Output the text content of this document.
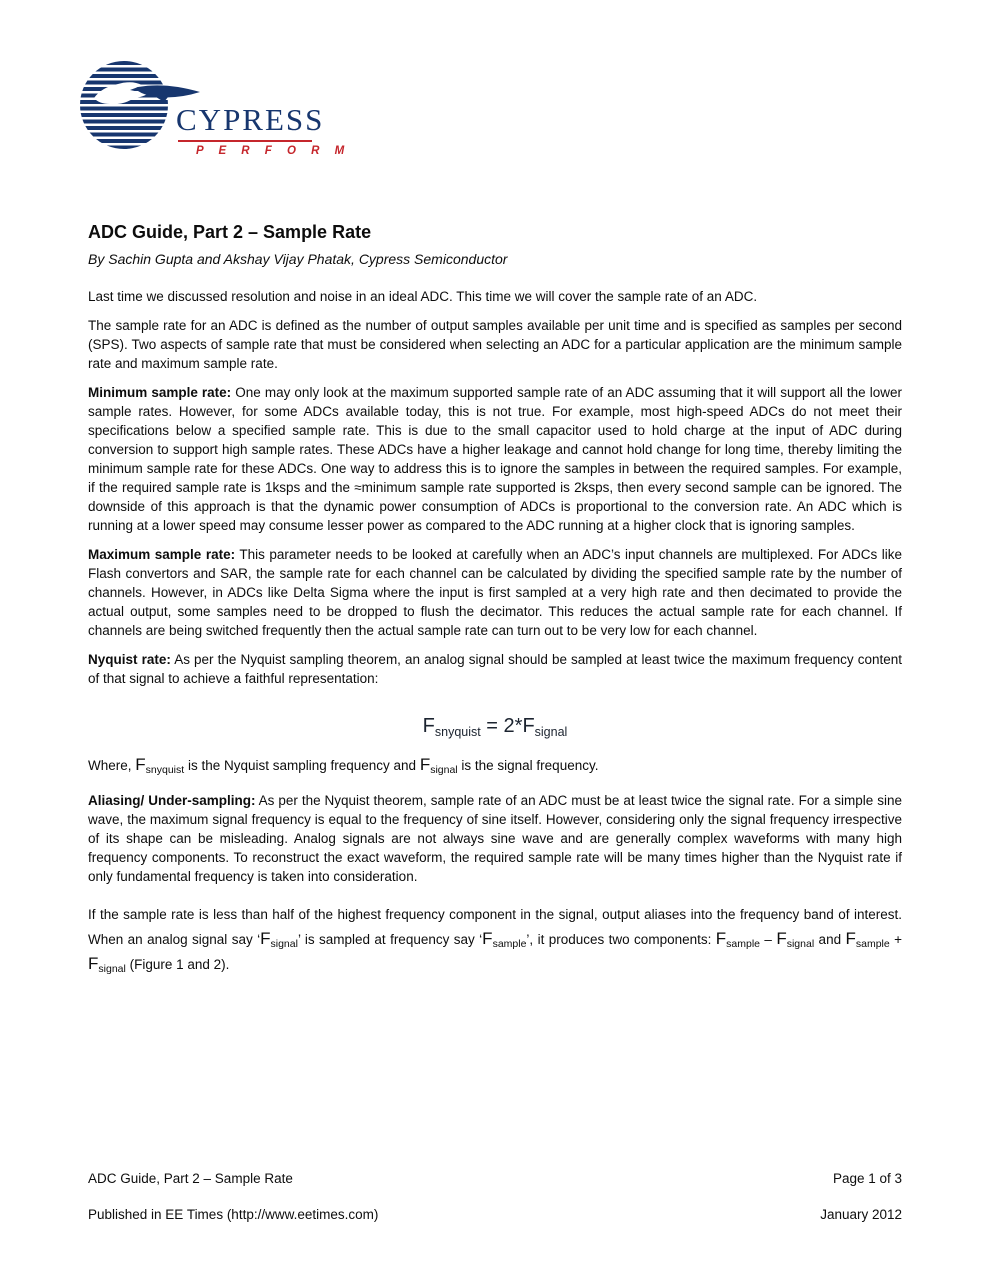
CYPRESS
P E R F O R M
ADC Guide, Part 2 – Sample Rate

By Sachin Gupta and Akshay Vijay Phatak, Cypress Semiconductor

Last time we discussed resolution and noise in an ideal ADC. This time we will cover the sample rate of an ADC.

The sample rate for an ADC is defined as the number of output samples available per unit time and is specified as samples per second (SPS). Two aspects of sample rate that must be considered when selecting an ADC for a particular application are the minimum sample rate and maximum sample rate.

Minimum sample rate: One may only look at the maximum supported sample rate of an ADC assuming that it will support all the lower sample rates. However, for some ADCs available today, this is not true. For example, most high-speed ADCs do not meet their specifications below a specified sample rate. This is due to the small capacitor used to hold charge at the input of ADC during conversion to support high sample rates. These ADCs have a higher leakage and cannot hold change for long time, thereby limiting the minimum sample rate for these ADCs. One way to address this is to ignore the samples in between the required samples. For example, if the required sample rate is 1ksps and the ≈minimum sample rate supported is 2ksps, then every second sample can be ignored. The downside of this approach is that the dynamic power consumption of ADCs is proportional to the conversion rate. An ADC which is running at a lower speed may consume lesser power as compared to the ADC running at a higher clock that is ignoring samples.

Maximum sample rate: This parameter needs to be looked at carefully when an ADC’s input channels are multiplexed. For ADCs like Flash convertors and SAR, the sample rate for each channel can be calculated by dividing the specified sample rate by the number of channels. However, in ADCs like Delta Sigma where the input is first sampled at a very high rate and then decimated to provide the actual output, some samples need to be dropped to flush the decimator. This reduces the actual sample rate for each channel. If channels are being switched frequently then the actual sample rate can turn out to be very low for each channel.

Nyquist rate: As per the Nyquist sampling theorem, an analog signal should be sampled at least twice the maximum frequency content of that signal to achieve a faithful representation:

$F_{snyquist} = 2*F_{signal}$

Where, $F_{snyquist}$ is the Nyquist sampling frequency and $F_{signal}$ is the signal frequency.

Aliasing/ Under-sampling: As per the Nyquist theorem, sample rate of an ADC must be at least twice the signal rate. For a simple sine wave, the maximum signal frequency is equal to the frequency of sine itself. However, considering only the signal frequency irrespective of its shape can be misleading. Analog signals are not always sine wave and are generally complex waveforms with many high frequency components. To reconstruct the exact waveform, the required sample rate will be many times higher than the Nyquist rate if only fundamental frequency is taken into consideration.

If the sample rate is less than half of the highest frequency component in the signal, output aliases into the frequency band of interest. When an analog signal say ‘$F_{signal}$’ is sampled at frequency say ‘$F_{sample}$’, it produces two components: $F_{sample} - F_{signal}$ and $F_{sample} + F_{signal}$ (Figure 1 and 2).

ADC Guide, Part 2 – Sample Rate	Page 1 of 3
Published in EE Times (http://www.eetimes.com)	January 2012
